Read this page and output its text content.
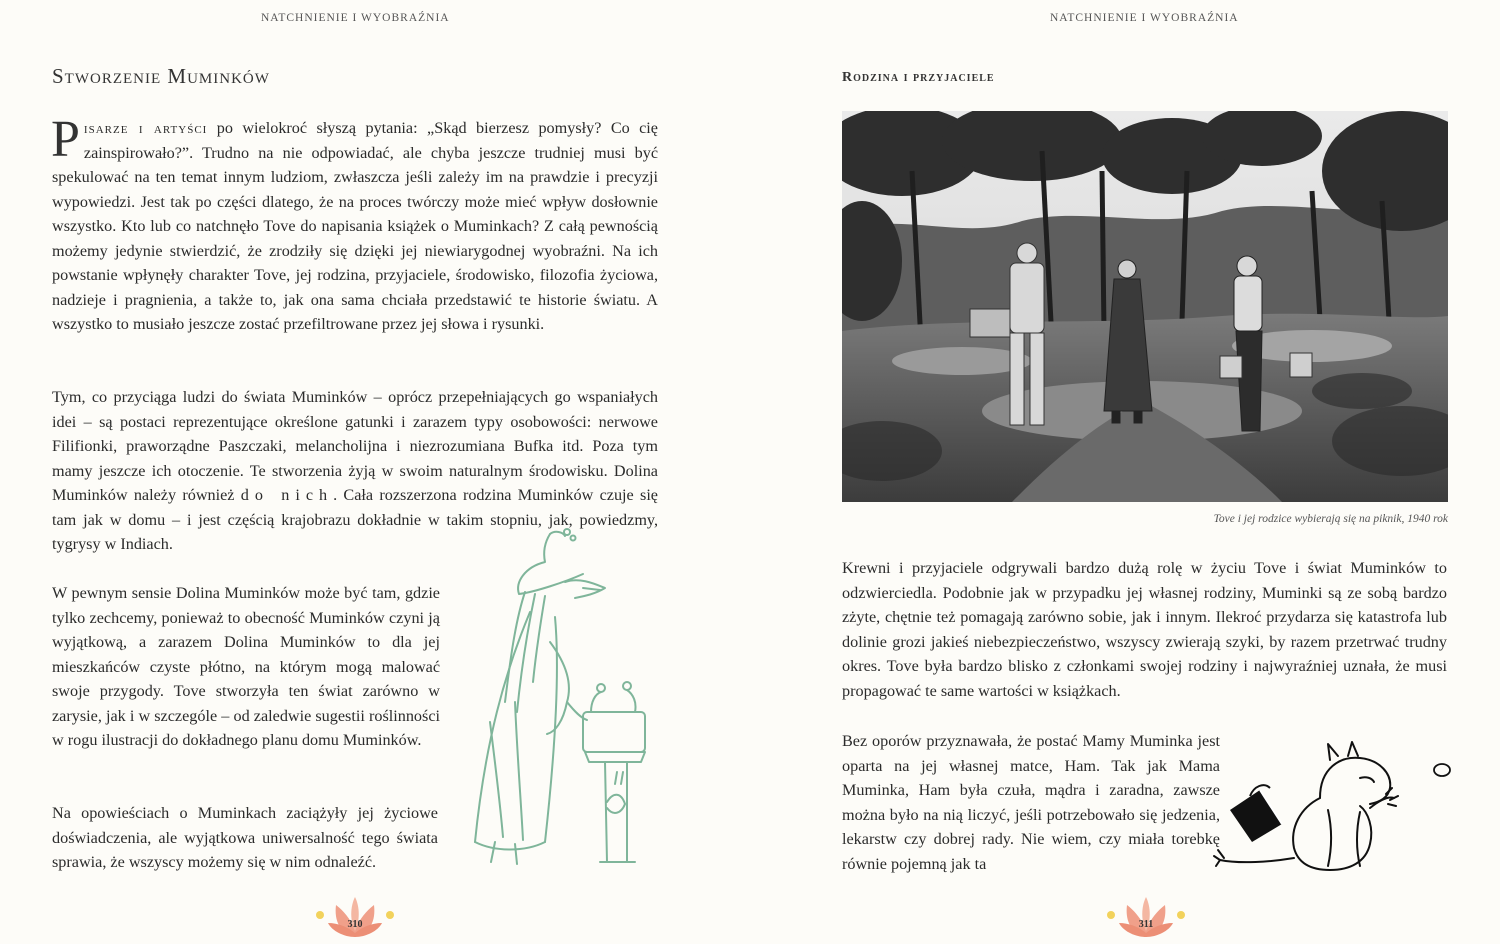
NATCHNIENIE I WYOBRAŹNIA
Stworzenie Muminków

Pisarze i artyści po wielokroć słyszą pytania: „Skąd bierzesz pomysły? Co cię zainspirowało?”. Trudno na nie odpowiadać, ale chyba jeszcze trudniej musi być spekulować na ten temat innym ludziom, zwłaszcza jeśli zależy im na prawdzie i precyzji wypowiedzi. Jest tak po części dlatego, że na proces twórczy może mieć wpływ dosłownie wszystko. Kto lub co natchnęło Tove do napisania książek o Muminkach? Z całą pewnością możemy jedynie stwierdzić, że zrodziły się dzięki jej niewiarygodnej wyobraźni. Na ich powstanie wpłynęły charakter Tove, jej rodzina, przyjaciele, środowisko, filozofia życiowa, nadzieje i pragnienia, a także to, jak ona sama chciała przedstawić te historie światu. A wszystko to musiało jeszcze zostać przefiltrowane przez jej słowa i rysunki.

Tym, co przyciąga ludzi do świata Muminków – oprócz przepełniających go wspaniałych idei – są postaci reprezentujące określone gatunki i zarazem typy osobowości: nerwowe Filifionki, praworządne Paszczaki, melancholijna i niezrozumiana Bufka itd. Poza tym mamy jeszcze ich otoczenie. Te stworzenia żyją w swoim naturalnym środowisku. Dolina Muminków należy również do nich. Cała rozszerzona rodzina Muminków czuje się tam jak w domu – i jest częścią krajobrazu dokładnie w takim stopniu, jak, powiedzmy, tygrysy w Indiach.

W pewnym sensie Dolina Muminków może być tam, gdzie tylko zechcemy, ponieważ to obecność Muminków czyni ją wyjątkową, a zarazem Dolina Muminków to dla jej mieszkańców czyste płótno, na którym mogą malować swoje przygody. Tove stworzyła ten świat zarówno w zarysie, jak i w szczególe – od zaledwie sugestii roślinności w rogu ilustracji do dokładnego planu domu Muminków.

Na opowieściach o Muminkach zaciążyły jej życiowe doświadczenia, ale wyjątkowa uniwersalność tego świata sprawia, że wszyscy możemy się w nim odnaleźć.

310
NATCHNIENIE I WYOBRAŹNIA
Rodzina i przyjaciele
Tove i jej rodzice wybierają się na piknik, 1940 rok

Krewni i przyjaciele odgrywali bardzo dużą rolę w życiu Tove i świat Muminków to odzwierciedla. Podobnie jak w przypadku jej własnej rodziny, Muminki są ze sobą bardzo zżyte, chętnie też pomagają zarówno sobie, jak i innym. Ilekroć przydarza się katastrofa lub dolinie grozi jakieś niebezpieczeństwo, wszyscy zwierają szyki, by razem przetrwać trudny okres. Tove była bardzo blisko z członkami swojej rodziny i najwyraźniej uznała, że musi propagować te same wartości w książkach.

Bez oporów przyznawała, że postać Mamy Muminka jest oparta na jej własnej matce, Ham. Tak jak Mama Muminka, Ham była czuła, mądra i zaradna, zawsze można było na nią liczyć, jeśli potrzebowało się jedzenia, lekarstw czy dobrej rady. Nie wiem, czy miała torebkę równie pojemną jak ta

311
